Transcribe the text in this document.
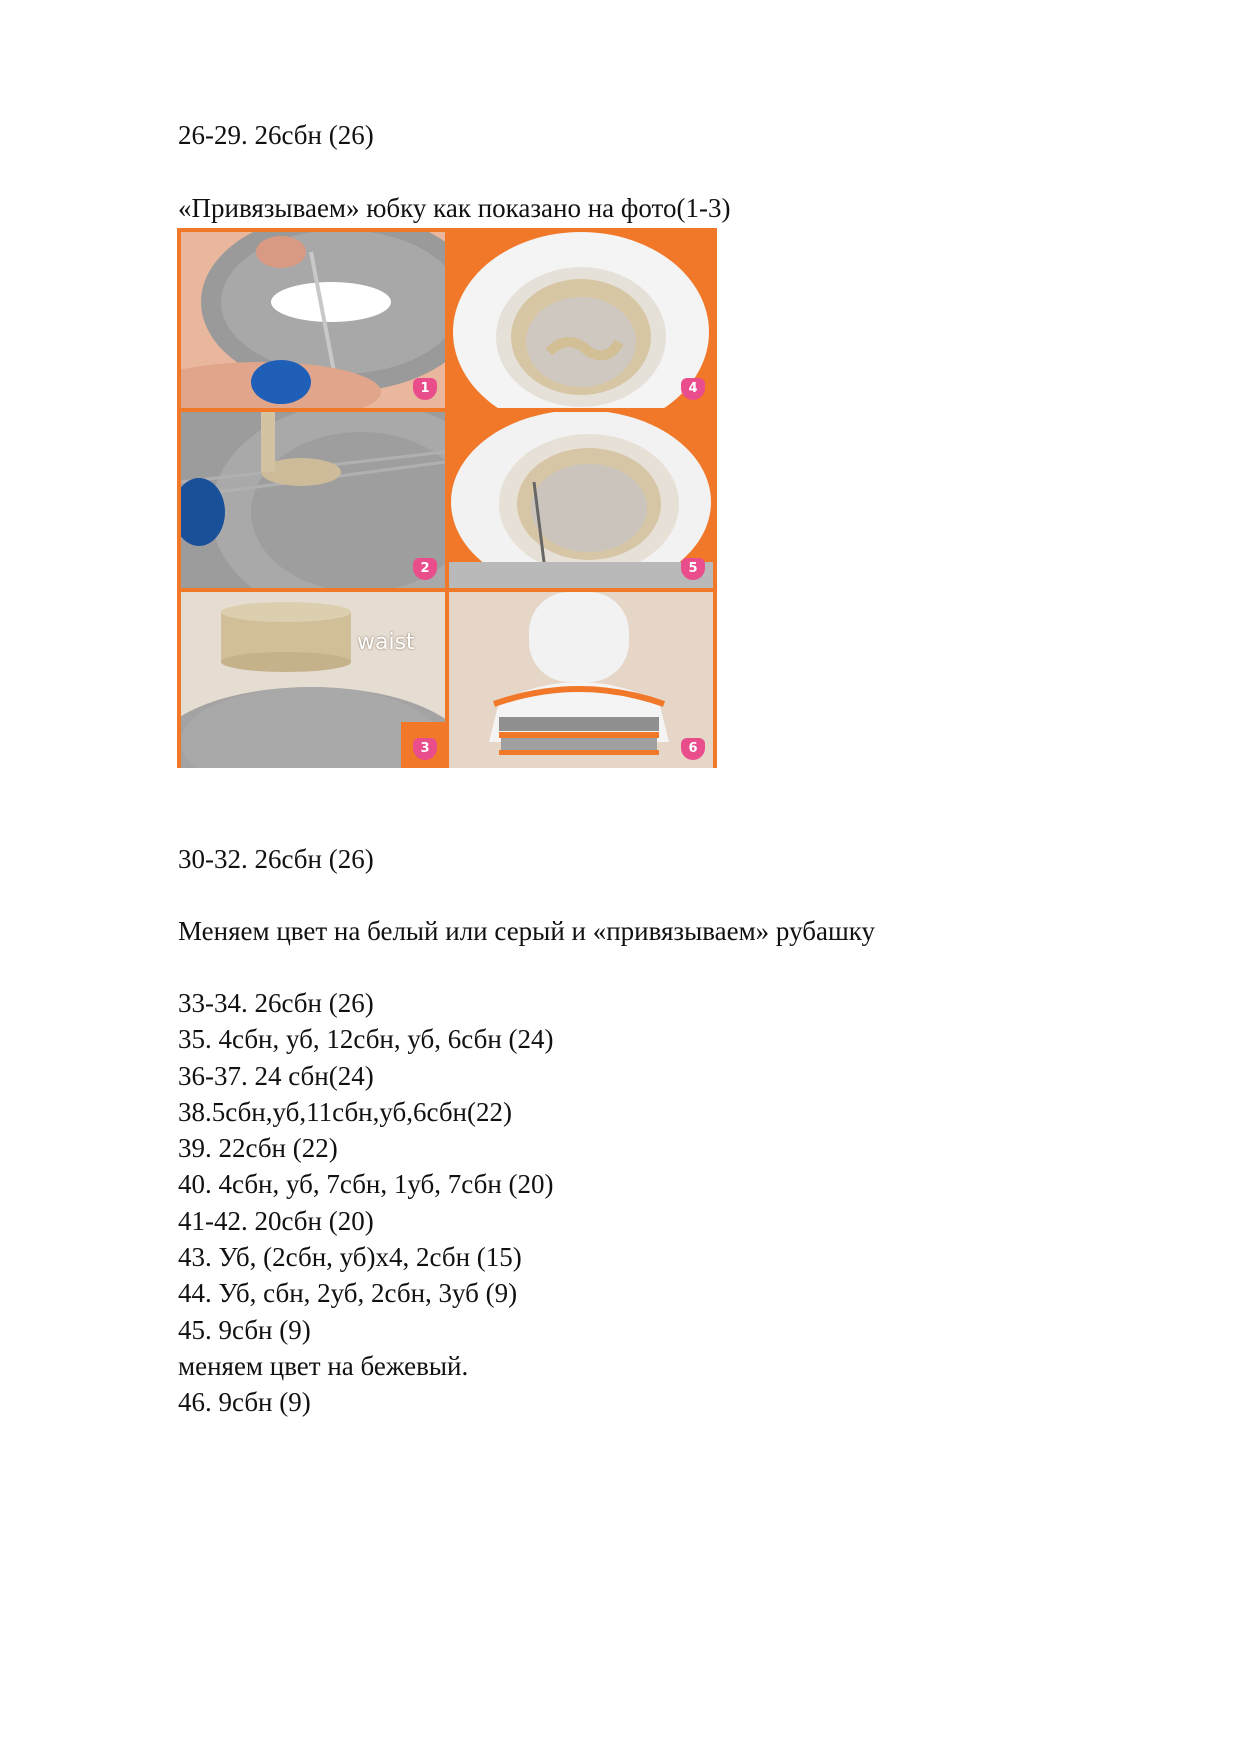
26-29. 26сбн (26)
«Привязываем» юбку как показано на фото(1-3)
1	4
2	5
waist
3	6
30-32. 26сбн (26)
Меняем цвет на белый или серый и «привязываем» рубашку
33-34. 26сбн (26)
35. 4сбн, уб, 12сбн, уб, 6сбн (24)
36-37. 24 сбн(24)
38.5сбн,уб,11сбн,уб,6сбн(22)
39. 22сбн (22)
40. 4сбн, уб, 7сбн, 1уб, 7сбн (20)
41-42. 20сбн (20)
43. Уб, (2сбн, уб)х4, 2сбн (15)
44. Уб, сбн, 2уб, 2сбн, 3уб (9)
45. 9сбн (9)
меняем цвет на бежевый.
46. 9сбн (9)
